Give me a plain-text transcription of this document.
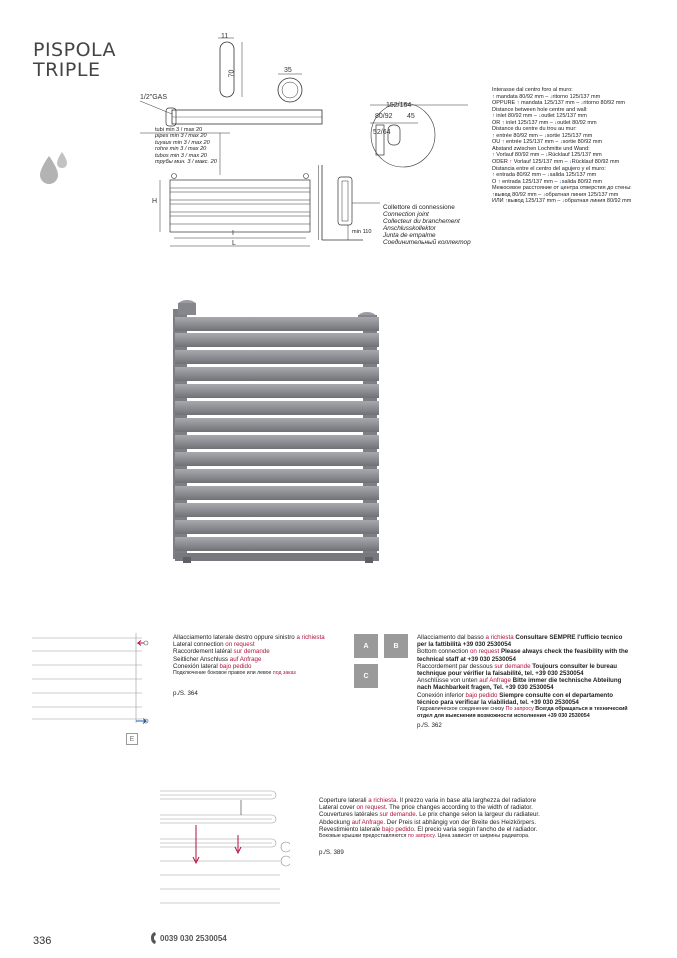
PISPOLA
TRIPLE
11
70	35
1/2"GAS
tubi min 3 / max 20
pipes min 3 / max 20
tuyaux min 3 / max 20
rohre min 3 / max 20
tubos min 3 / max 20
трубы мин. 3 / макс. 20
H
I
L
152/164
80/92 45
52/64
min 110
Collettore di connessione
Connection joint
Collecteur du branchement
Anschlusskollektor
Junta de empalme
Соединительный коллектор

Interasse dal centro foro al muro:

↑ mandata 80/92 mm – ↓ ritorno 125/137 mm

OPPURE ↑ mandata 125/137 mm – ↓ ritorno 80/92 mm

Distance between hole centre and wall:

↑ inlet 80/92 mm – ↓ outlet 125/137 mm

OR ↑ inlet 125/137 mm – ↓ outlet 80/92 mm

Distance du centre du trou au mur:

↑ entrée 80/92 mm – ↓ sortie 125/137 mm

OU ↑ entrée 125/137 mm – ↓ sortie 80/92 mm

Abstand zwischen Lochmitte und Wand:

↑ Vorlauf 80/92 mm – ↓ Rücklauf 125/137 mm

ODER ↑ Vorlauf 125/137 mm – ↓ Rücklauf 80/92 mm

Distancia entre el centro del agujero y el muro:

↑ entrada 80/92 mm – ↓ salida 125/137 mm

O ↑ entrada 125/137 mm – ↓ salida 80/92 mm

Межосевое расстояние от центра отверстия до стены:

↑ вывод 80/92 mm – ↓ обратная линия 125/137 mm

ИЛИ ↑ вывод 125/137 mm – ↓ обратная линия 80/92 mm

E
Allacciamento laterale destro oppure sinistro a richiesta
Lateral connection on request
Raccordement latéral sur demande
Seitlicher Anschluss auf Anfrage
Conexión lateral bajo pedido
Подключение боковое правое или левое под заказ
p./S. 364
A	B
C
Allacciamento dal basso a richiesta Consultare SEMPRE l'ufficio tecnico per la fattibilità +39 030 2530054
Bottom connection on request Please always check the feasibility with the technical staff at +39 030 2530054
Raccordement par dessous sur demande Toujours consulter le bureau technique pour vérifier la faisabilité, tel. +39 030 2530054
Anschlüsse von unten auf Anfrage Bitte immer die technische Abteilung nach Machbarkeit fragen, Tel. +39 030 2530054
Conexión inferior bajo pedido Siempre consulte con el departamento técnico para verificar la viabilidad, tel. +39 030 2530054
Гидравлическое соединение снизу По запросу Всегда обращаться в технический отдел для выяснения возможности исполнения +39 030 2530054
p./S. 362
Coperture laterali a richiesta. Il prezzo varia in base alla larghezza del radiatore
Lateral cover on request. The price changes according to the width of radiator.
Couvertures latérales sur demande. Le prix change selon la largeur du radiateur.
Abdeckung auf Anfrage. Der Preis ist abhängig von der Breite des Heizkörpers.
Revestimiento laterale bajo pedido. El precio varia según l'ancho de el radiador.
Боковые крышки предоставляются по запросу. Цена зависит от ширины радиатора.
p./S. 389
336	0039 030 2530054
